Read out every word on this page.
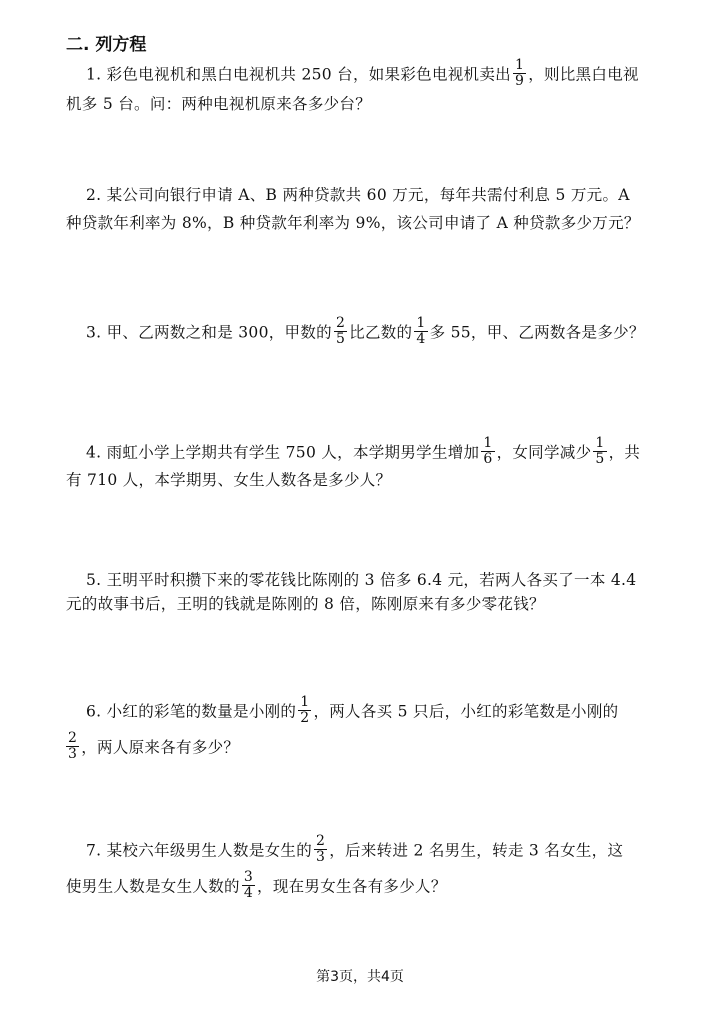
二. 列方程
1. 彩色电视机和黑白电视机共 250 台，如果彩色电视机卖出 $\frac{1}{9}$ ，则比黑白电视
机多 5 台。问：两种电视机原来各多少台？
2. 某公司向银行申请 A、B 两种贷款共 60 万元，每年共需付利息 5 万元。A
种贷款年利率为 8%，B 种贷款年利率为 9%，该公司申请了 A 种贷款多少万元？
3. 甲、乙两数之和是 300，甲数的 $\frac{2}{5}$ 比乙数的 $\frac{1}{4}$ 多 55，甲、乙两数各是多少？
4. 雨虹小学上学期共有学生 750 人，本学期男学生增加 $\frac{1}{6}$ ，女同学减少 $\frac{1}{5}$ ，共
有 710 人，本学期男、女生人数各是多少人？
5. 王明平时积攒下来的零花钱比陈刚的 3 倍多 6.4 元，若两人各买了一本 4.4
元的故事书后，王明的钱就是陈刚的 8 倍，陈刚原来有多少零花钱？
6. 小红的彩笔的数量是小刚的 $\frac{1}{2}$ ，两人各买 5 只后，小红的彩笔数是小刚的
$\frac{2}{3}$ ，两人原来各有多少？
7. 某校六年级男生人数是女生的 $\frac{2}{3}$ ，后来转进 2 名男生，转走 3 名女生，这
使男生人数是女生人数的 $\frac{3}{4}$ ，现在男女生各有多少人？
第3页，共4页
